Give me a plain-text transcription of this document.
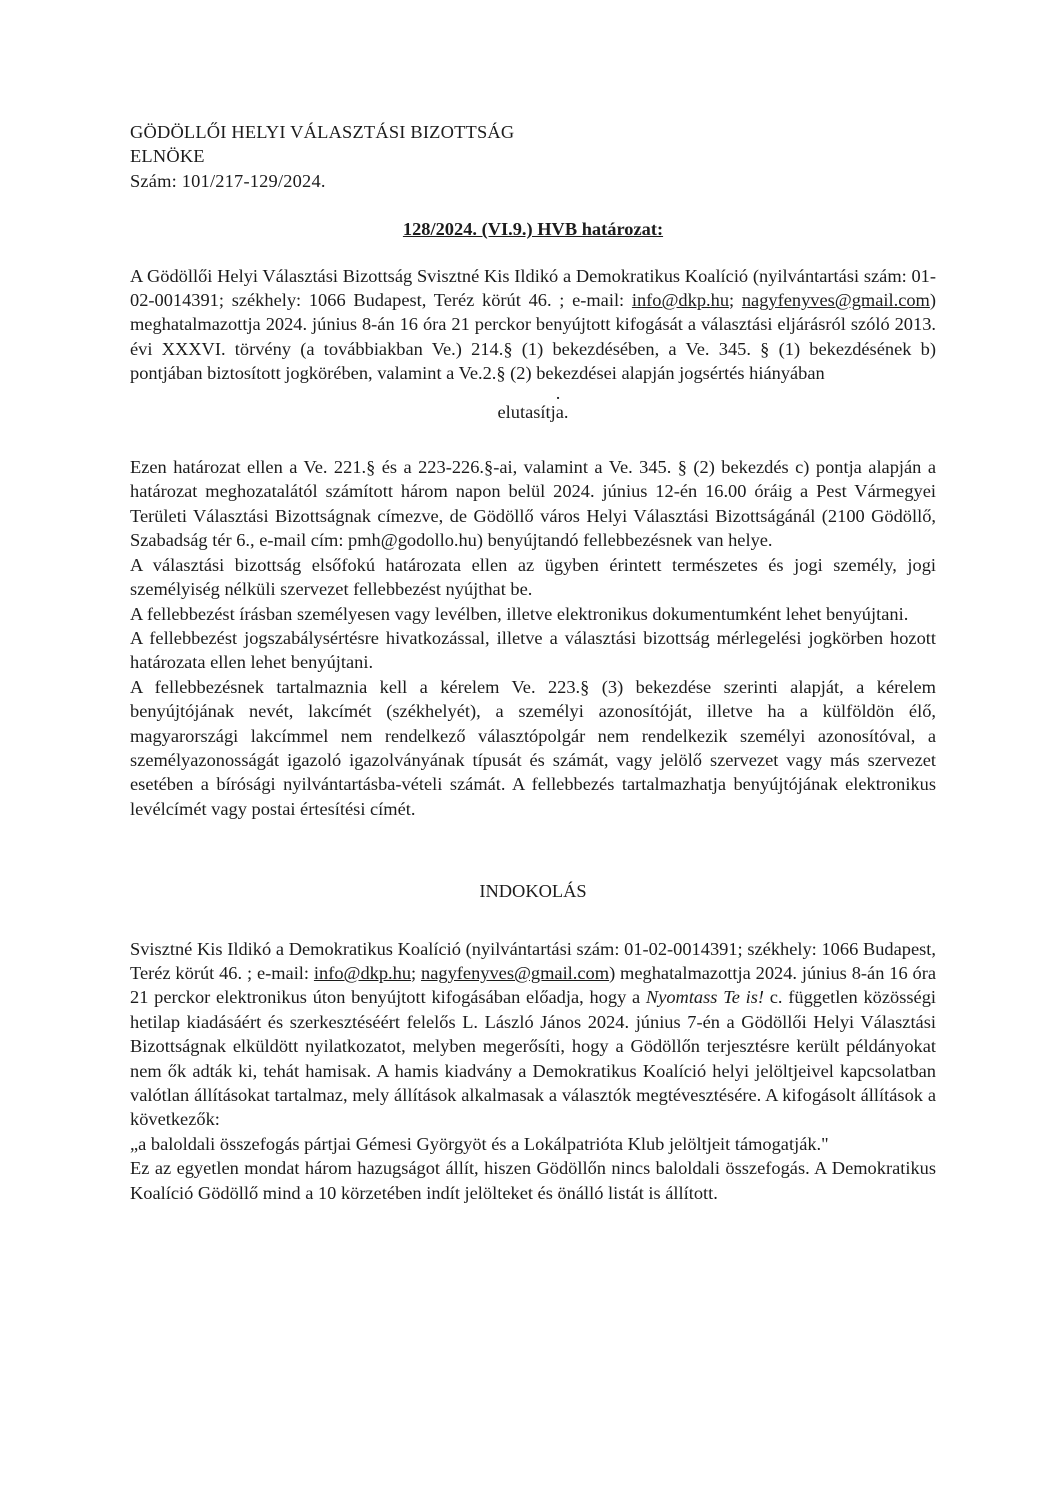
GÖDÖLLŐI HELYI VÁLASZTÁSI BIZOTTSÁG

ELNÖKE

Szám: 101/217-129/2024.

128/2024. (VI.9.) HVB határozat:

A Gödöllői Helyi Választási Bizottság Svisztné Kis Ildikó a Demokratikus Koalíció (nyilvántartási szám: 01-02-0014391; székhely: 1066 Budapest, Teréz körút 46. ; e-mail: info@dkp.hu; nagyfenyves@gmail.com) meghatalmazottja 2024. június 8-án 16 óra 21 perckor benyújtott kifogását a választási eljárásról szóló 2013. évi XXXVI. törvény (a továbbiakban Ve.) 214.§ (1) bekezdésében, a Ve. 345. § (1) bekezdésének b) pontjában biztosított jogkörében, valamint a Ve.2.§ (2) bekezdései alapján jogsértés hiányában

.

elutasítja.

Ezen határozat ellen a Ve. 221.§ és a 223-226.§-ai, valamint a Ve. 345. § (2) bekezdés c) pontja alapján a határozat meghozatalától számított három napon belül 2024. június 12-én 16.00 óráig a Pest Vármegyei Területi Választási Bizottságnak címezve, de Gödöllő város Helyi Választási Bizottságánál (2100 Gödöllő, Szabadság tér 6., e-mail cím: pmh@godollo.hu) benyújtandó fellebbezésnek van helye.

A választási bizottság elsőfokú határozata ellen az ügyben érintett természetes és jogi személy, jogi személyiség nélküli szervezet fellebbezést nyújthat be.

A fellebbezést írásban személyesen vagy levélben, illetve elektronikus dokumentumként lehet benyújtani.

A fellebbezést jogszabálysértésre hivatkozással, illetve a választási bizottság mérlegelési jogkörben hozott határozata ellen lehet benyújtani.

A fellebbezésnek tartalmaznia kell a kérelem Ve. 223.§ (3) bekezdése szerinti alapját, a kérelem benyújtójának nevét, lakcímét (székhelyét), a személyi azonosítóját, illetve ha a külföldön élő, magyarországi lakcímmel nem rendelkező választópolgár nem rendelkezik személyi azonosítóval, a személyazonosságát igazoló igazolványának típusát és számát, vagy jelölő szervezet vagy más szervezet esetében a bírósági nyilvántartásba-vételi számát. A fellebbezés tartalmazhatja benyújtójának elektronikus levélcímét vagy postai értesítési címét.

INDOKOLÁS

Svisztné Kis Ildikó a Demokratikus Koalíció (nyilvántartási szám: 01-02-0014391; székhely: 1066 Budapest, Teréz körút 46. ; e-mail: info@dkp.hu; nagyfenyves@gmail.com) meghatalmazottja 2024. június 8-án 16 óra 21 perckor elektronikus úton benyújtott kifogásában előadja, hogy a Nyomtass Te is! c. független közösségi hetilap kiadásáért és szerkesztéséért felelős L. László János 2024. június 7-én a Gödöllői Helyi Választási Bizottságnak elküldött nyilatkozatot, melyben megerősíti, hogy a Gödöllőn terjesztésre került példányokat nem ők adták ki, tehát hamisak. A hamis kiadvány a Demokratikus Koalíció helyi jelöltjeivel kapcsolatban valótlan állításokat tartalmaz, mely állítások alkalmasak a választók megtévesztésére. A kifogásolt állítások a következők:

„a baloldali összefogás pártjai Gémesi Györgyöt és a Lokálpatrióta Klub jelöltjeit támogatják."

Ez az egyetlen mondat három hazugságot állít, hiszen Gödöllőn nincs baloldali összefogás. A Demokratikus Koalíció Gödöllő mind a 10 körzetében indít jelölteket és önálló listát is állított.
